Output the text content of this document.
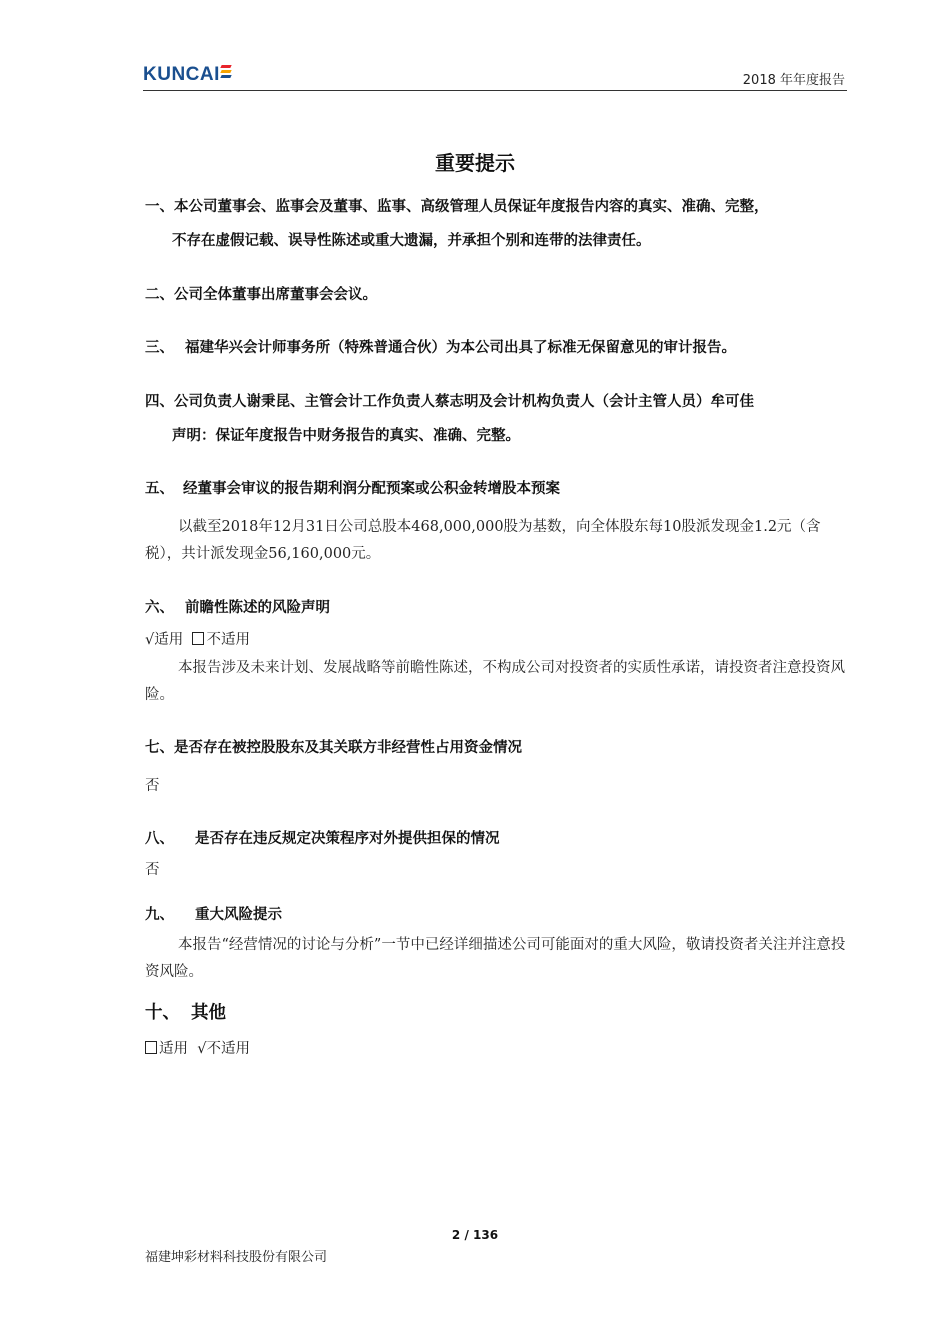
KUNCAI	2018 年年度报告
重要提示
一、本公司董事会、监事会及董事、监事、高级管理人员保证年度报告内容的真实、准确、完整，
不存在虚假记载、误导性陈述或重大遗漏，并承担个别和连带的法律责任。
二、公司全体董事出席董事会会议。
三、 福建华兴会计师事务所（特殊普通合伙）为本公司出具了标准无保留意见的审计报告。
四、公司负责人谢秉昆、主管会计工作负责人蔡志明及会计机构负责人（会计主管人员）牟可佳
声明：保证年度报告中财务报告的真实、准确、完整。
五、 经董事会审议的报告期利润分配预案或公积金转增股本预案
以截至2018年12月31日公司总股本468,000,000股为基数，向全体股东每10股派发现金1.2元（含税），共计派发现金56,160,000元。
六、 前瞻性陈述的风险声明
√适用 不适用
本报告涉及未来计划、发展战略等前瞻性陈述，不构成公司对投资者的实质性承诺，请投资者注意投资风险。
七、是否存在被控股股东及其关联方非经营性占用资金情况
否
八、 是否存在违反规定决策程序对外提供担保的情况
否
九、 重大风险提示
本报告“经营情况的讨论与分析”一节中已经详细描述公司可能面对的重大风险，敬请投资者关注并注意投资风险。
十、 其他
适用 √不适用
2 / 136
福建坤彩材料科技股份有限公司
